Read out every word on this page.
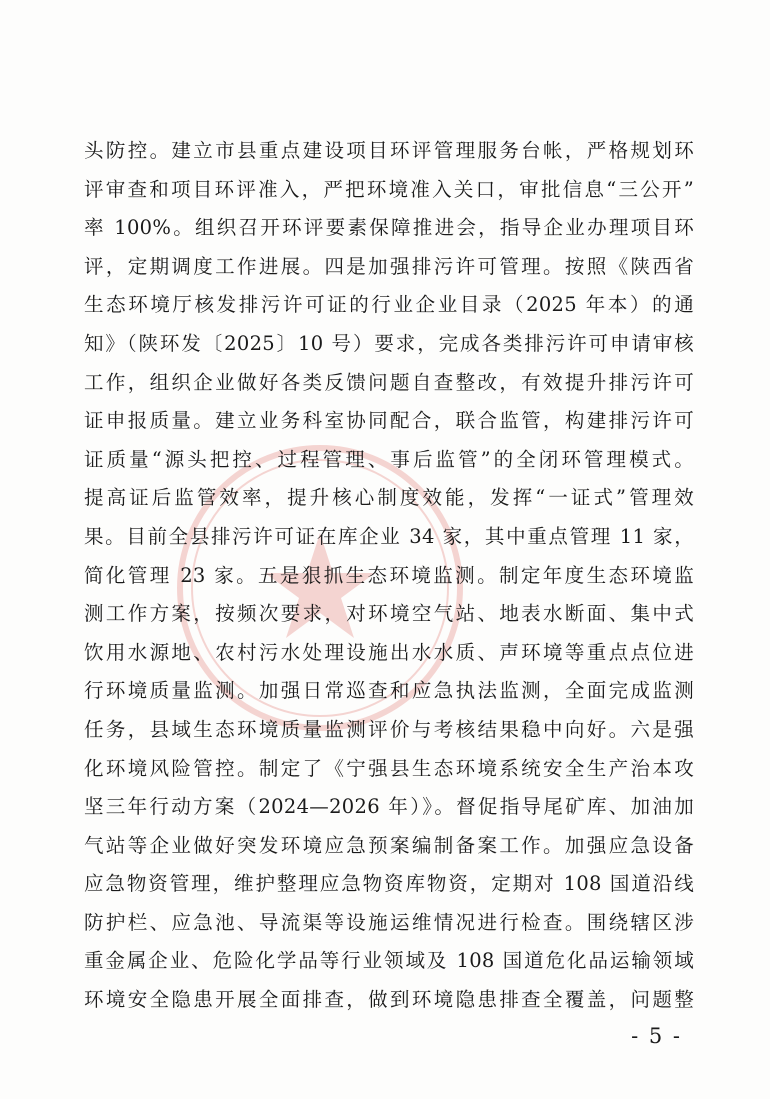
头防控。建立市县重点建设项目环评管理服务台帐，严格规划环
评审查和项目环评准入，严把环境准入关口，审批信息“三公开”
率 100%。组织召开环评要素保障推进会，指导企业办理项目环
评，定期调度工作进展。四是加强排污许可管理。按照《陕西省
生态环境厅核发排污许可证的行业企业目录（2025 年本）的通
知》（陕环发〔2025〕10 号）要求，完成各类排污许可申请审核
工作，组织企业做好各类反馈问题自查整改，有效提升排污许可
证申报质量。建立业务科室协同配合，联合监管，构建排污许可
证质量“源头把控、过程管理、事后监管”的全闭环管理模式。
提高证后监管效率，提升核心制度效能，发挥“一证式”管理效
果。目前全县排污许可证在库企业 34 家，其中重点管理 11 家，
简化管理 23 家。五是狠抓生态环境监测。制定年度生态环境监
测工作方案，按频次要求，对环境空气站、地表水断面、集中式
饮用水源地、农村污水处理设施出水水质、声环境等重点点位进
行环境质量监测。加强日常巡查和应急执法监测，全面完成监测
任务，县域生态环境质量监测评价与考核结果稳中向好。六是强
化环境风险管控。制定了《宁强县生态环境系统安全生产治本攻
坚三年行动方案（2024—2026 年）》。督促指导尾矿库、加油加
气站等企业做好突发环境应急预案编制备案工作。加强应急设备
应急物资管理，维护整理应急物资库物资，定期对 108 国道沿线
防护栏、应急池、导流渠等设施运维情况进行检查。围绕辖区涉
重金属企业、危险化学品等行业领域及 108 国道危化品运输领域
环境安全隐患开展全面排查，做到环境隐患排查全覆盖，问题整
- 5 -
